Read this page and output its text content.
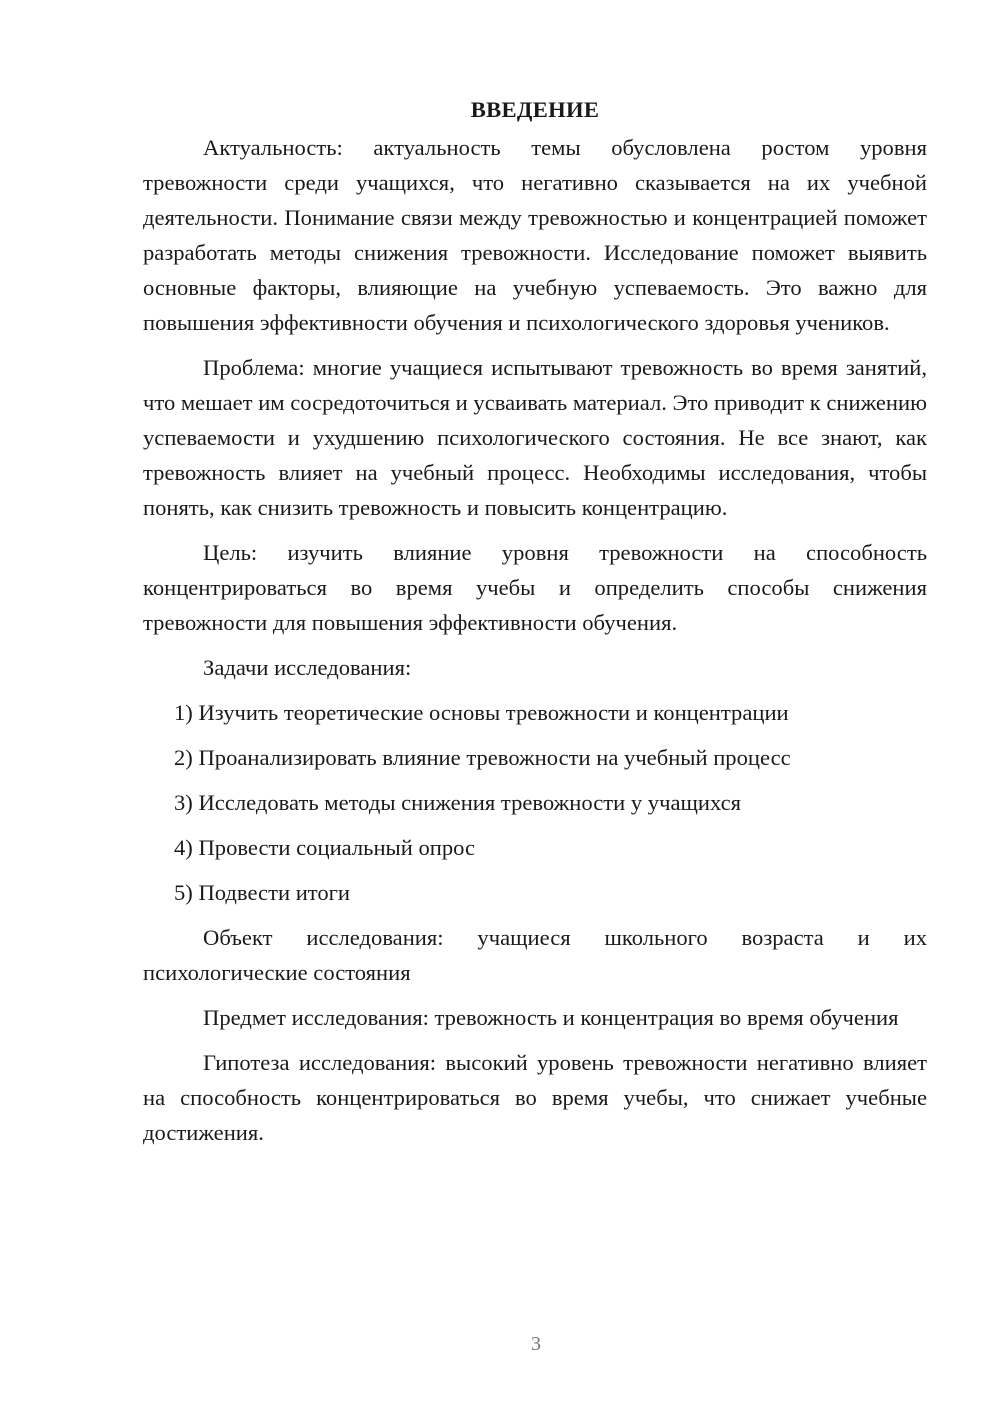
ВВЕДЕНИЕ

Актуальность: актуальность темы обусловлена ростом уровня тревожности среди учащихся, что негативно сказывается на их учебной деятельности. Понимание связи между тревожностью и концентрацией поможет разработать методы снижения тревожности. Исследование поможет выявить основные факторы, влияющие на учебную успеваемость. Это важно для повышения эффективности обучения и психологического здоровья учеников.

Проблема: многие учащиеся испытывают тревожность во время занятий, что мешает им сосредоточиться и усваивать материал. Это приводит к снижению успеваемости и ухудшению психологического состояния. Не все знают, как тревожность влияет на учебный процесс. Необходимы исследования, чтобы понять, как снизить тревожность и повысить концентрацию.

Цель: изучить влияние уровня тревожности на способность концентрироваться во время учебы и определить способы снижения тревожности для повышения эффективности обучения.

Задачи исследования:
1) Изучить теоретические основы тревожности и концентрации
2) Проанализировать влияние тревожности на учебный процесс
3) Исследовать методы снижения тревожности у учащихся
4) Провести социальный опрос
5) Подвести итоги

Объект исследования: учащиеся школьного возраста и их психологические состояния

Предмет исследования: тревожность и концентрация во время обучения

Гипотеза исследования: высокий уровень тревожности негативно влияет на способность концентрироваться во время учебы, что снижает учебные достижения.

3
